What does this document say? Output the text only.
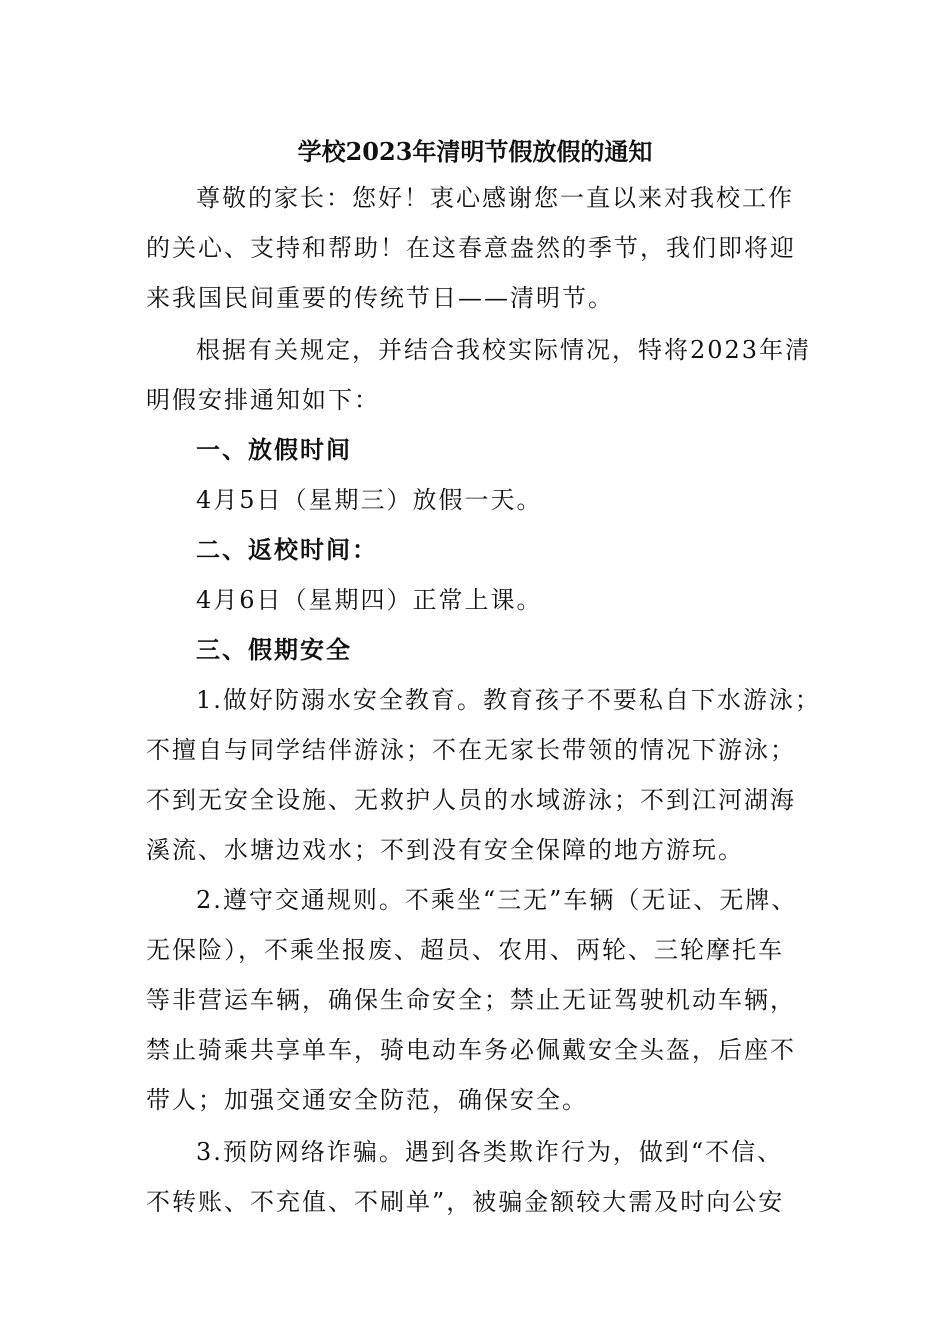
学校2023年清明节假放假的通知
尊敬的家长：您好！衷心感谢您一直以来对我校工作
的关心、支持和帮助！在这春意盎然的季节，我们即将迎
来我国民间重要的传统节日——清明节。
根据有关规定，并结合我校实际情况，特将2023年清
明假安排通知如下：
一、放假时间
4月5日（星期三）放假一天。
二、返校时间：
4月6日（星期四）正常上课。
三、假期安全
1.做好防溺水安全教育。教育孩子不要私自下水游泳；
不擅自与同学结伴游泳；不在无家长带领的情况下游泳；
不到无安全设施、无救护人员的水域游泳；不到江河湖海
溪流、水塘边戏水；不到没有安全保障的地方游玩。
2.遵守交通规则。不乘坐“三无”车辆（无证、无牌、
无保险），不乘坐报废、超员、农用、两轮、三轮摩托车
等非营运车辆，确保生命安全；禁止无证驾驶机动车辆，
禁止骑乘共享单车，骑电动车务必佩戴安全头盔，后座不
带人；加强交通安全防范，确保安全。
3.预防网络诈骗。遇到各类欺诈行为，做到“不信、
不转账、不充值、不刷单”，被骗金额较大需及时向公安
